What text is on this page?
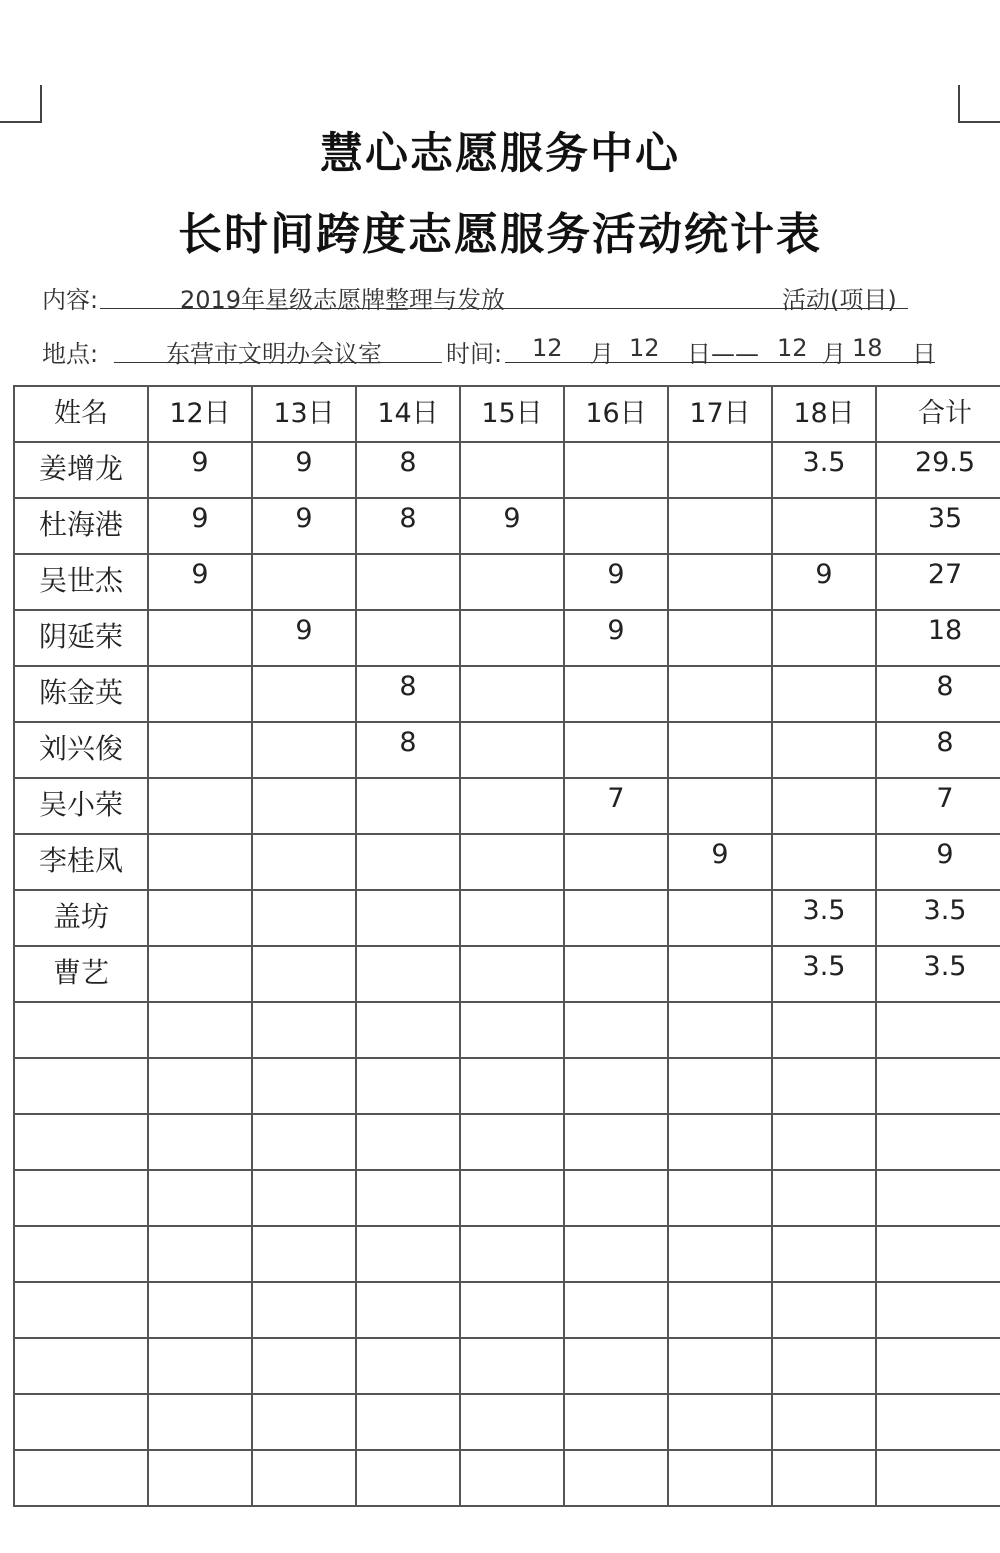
慧心志愿服务中心
长时间跨度志愿服务活动统计表
内容:	2019年星级志愿牌整理与发放	活动(项目)
地点:	东营市文明办会议室	时间: 12 月 12 日—— 12 月 18 日
姓名	12日	13日	14日	15日	16日	17日	18日	合计
姜增龙	9	9	8				3.5	29.5
杜海港	9	9	8	9				35
吴世杰	9				9		9	27
阴延荣		9			9			18
陈金英			8					8
刘兴俊			8					8
吴小荣					7			7
李桂凤						9		9
盖坊							3.5	3.5
曹艺							3.5	3.5
